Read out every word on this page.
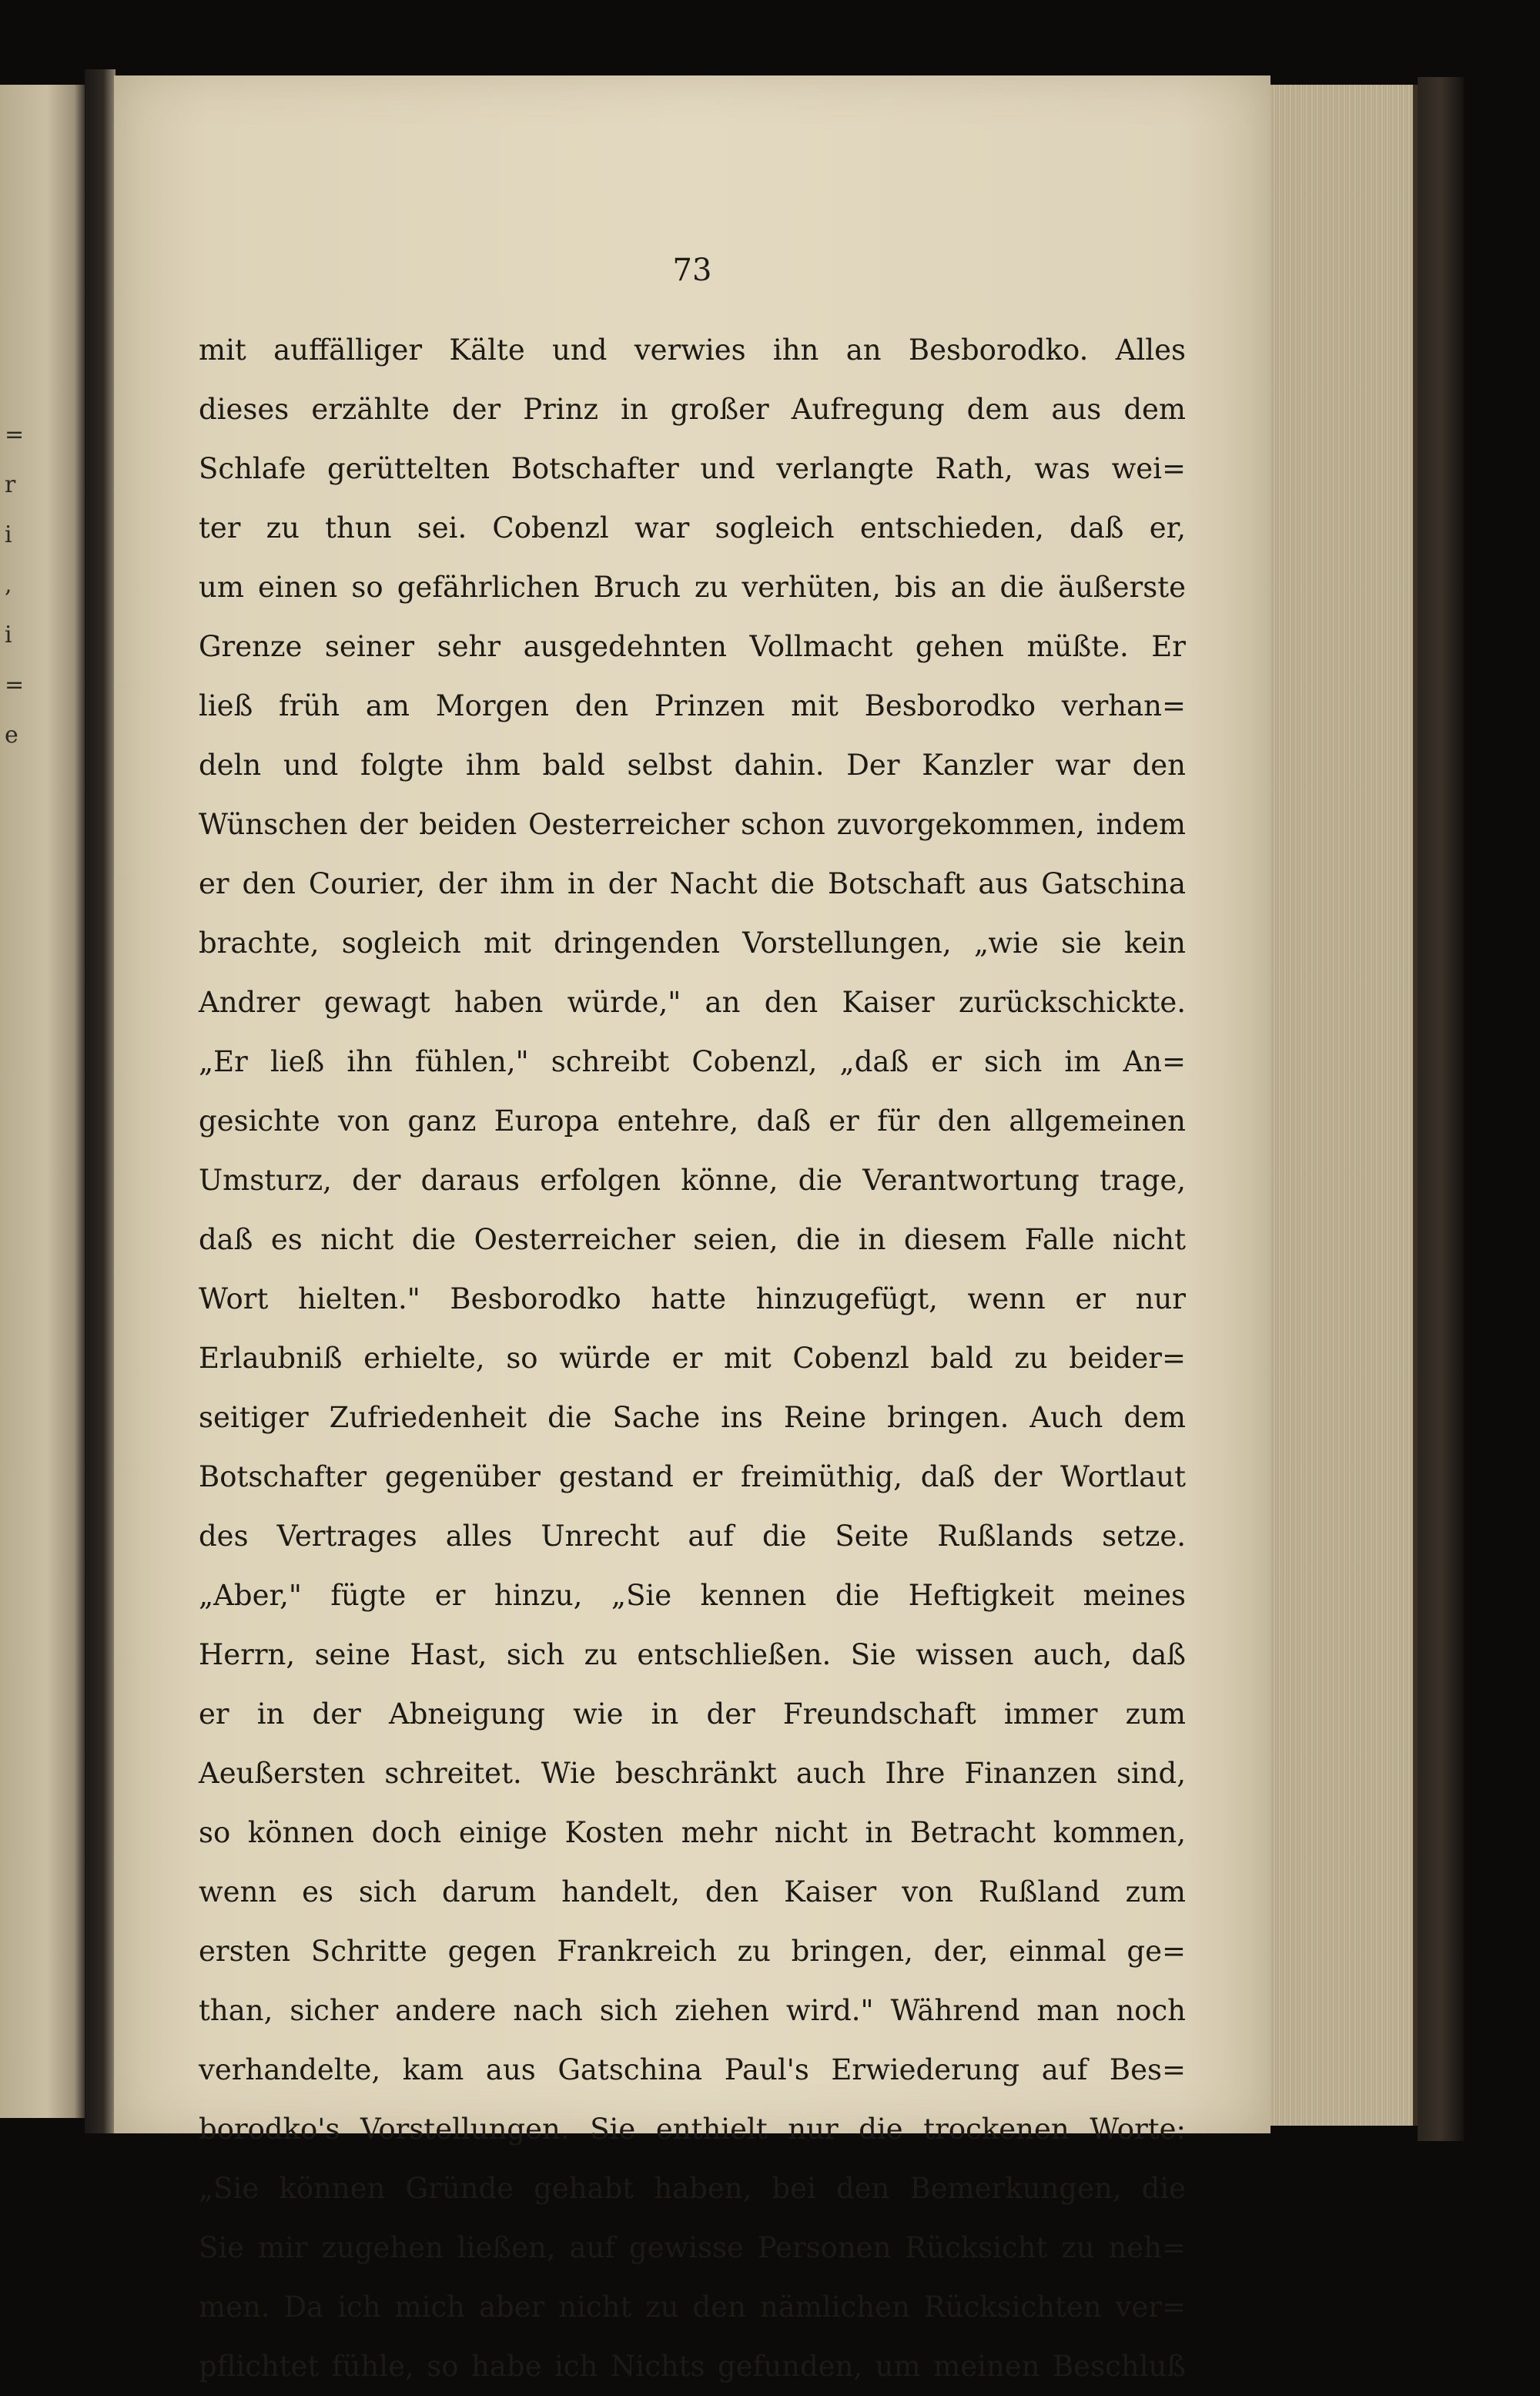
=
r
i
,
i
=
e
73
mit auffälliger Kälte und verwies ihn an Besborodko. Alles
dieses erzählte der Prinz in großer Aufregung dem aus dem
Schlafe gerüttelten Botschafter und verlangte Rath, was wei=
ter zu thun sei. Cobenzl war sogleich entschieden, daß er,
um einen so gefährlichen Bruch zu verhüten, bis an die äußerste
Grenze seiner sehr ausgedehnten Vollmacht gehen müßte. Er
ließ früh am Morgen den Prinzen mit Besborodko verhan=
deln und folgte ihm bald selbst dahin. Der Kanzler war den
Wünschen der beiden Oesterreicher schon zuvorgekommen, indem
er den Courier, der ihm in der Nacht die Botschaft aus Gatschina
brachte, sogleich mit dringenden Vorstellungen, „wie sie kein
Andrer gewagt haben würde," an den Kaiser zurückschickte.
„Er ließ ihn fühlen," schreibt Cobenzl, „daß er sich im An=
gesichte von ganz Europa entehre, daß er für den allgemeinen
Umsturz, der daraus erfolgen könne, die Verantwortung trage,
daß es nicht die Oesterreicher seien, die in diesem Falle nicht
Wort hielten." Besborodko hatte hinzugefügt, wenn er nur
Erlaubniß erhielte, so würde er mit Cobenzl bald zu beider=
seitiger Zufriedenheit die Sache ins Reine bringen. Auch dem
Botschafter gegenüber gestand er freimüthig, daß der Wortlaut
des Vertrages alles Unrecht auf die Seite Rußlands setze.
„Aber," fügte er hinzu, „Sie kennen die Heftigkeit meines
Herrn, seine Hast, sich zu entschließen. Sie wissen auch, daß
er in der Abneigung wie in der Freundschaft immer zum
Aeußersten schreitet. Wie beschränkt auch Ihre Finanzen sind,
so können doch einige Kosten mehr nicht in Betracht kommen,
wenn es sich darum handelt, den Kaiser von Rußland zum
ersten Schritte gegen Frankreich zu bringen, der, einmal ge=
than, sicher andere nach sich ziehen wird." Während man noch
verhandelte, kam aus Gatschina Paul's Erwiederung auf Bes=
borodko's Vorstellungen. Sie enthielt nur die trockenen Worte:
„Sie können Gründe gehabt haben, bei den Bemerkungen, die
Sie mir zugehen ließen, auf gewisse Personen Rücksicht zu neh=
men. Da ich mich aber nicht zu den nämlichen Rücksichten ver=
pflichtet fühle, so habe ich Nichts gefunden, um meinen Beschluß
